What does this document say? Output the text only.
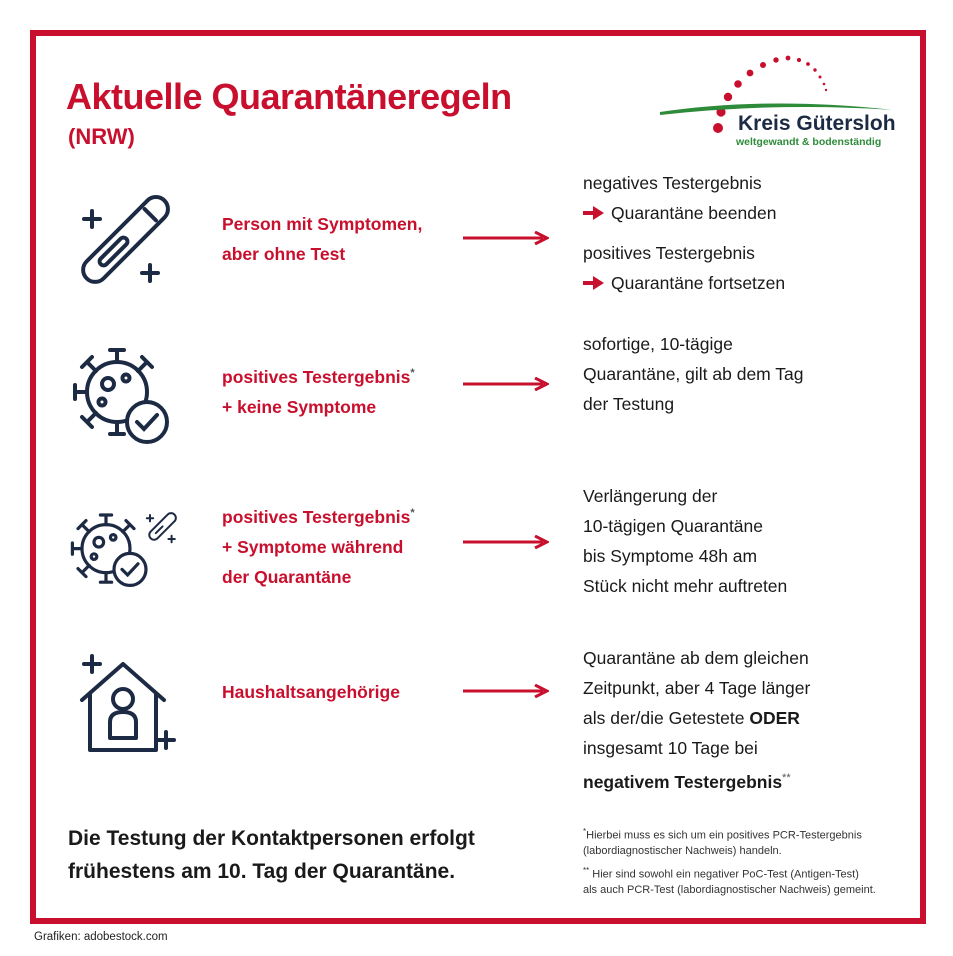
Aktuelle Quarantäneregeln
(NRW)
Kreis Gütersloh
weltgewandt & bodenständig
Person mit Symptomen,
aber ohne Test
positives Testergebnis*
+ keine Symptome
positives Testergebnis*
+ Symptome während
der Quarantäne
Haushaltsangehörige
negatives Testergebnis
Quarantäne beenden
positives Testergebnis
Quarantäne fortsetzen
sofortige, 10-tägige
Quarantäne, gilt ab dem Tag
der Testung
Verlängerung der
10-tägigen Quarantäne
bis Symptome 48h am
Stück nicht mehr auftreten
Quarantäne ab dem gleichen
Zeitpunkt, aber 4 Tage länger
als der/die Getestete ODER
insgesamt 10 Tage bei
negativem Testergebnis**
Die Testung der Kontaktpersonen erfolgt
frühestens am 10. Tag der Quarantäne.
*Hierbei muss es sich um ein positives PCR-Testergebnis
(labordiagnostischer Nachweis) handeln.
** Hier sind sowohl ein negativer PoC-Test (Antigen-Test)
als auch PCR-Test (labordiagnostischer Nachweis) gemeint.
Grafiken: adobestock.com
